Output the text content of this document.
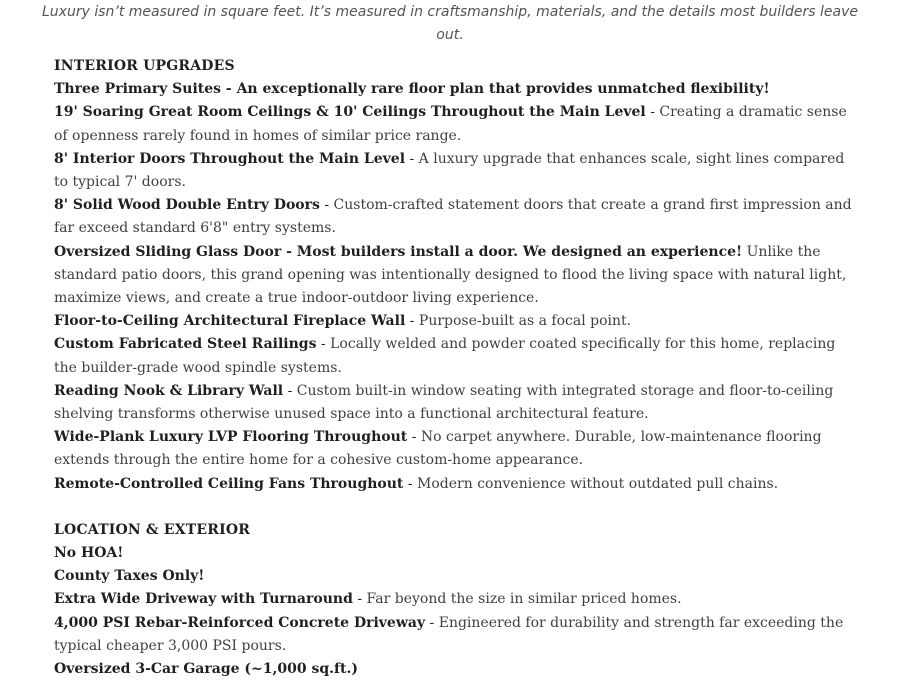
Luxury isn’t measured in square feet. It’s measured in craftsmanship, materials, and the details most builders leave out.

INTERIOR UPGRADES

Three Primary Suites - An exceptionally rare floor plan that provides unmatched flexibility!

19' Soaring Great Room Ceilings & 10' Ceilings Throughout the Main Level - Creating a dramatic sense of openness rarely found in homes of similar price range.

8' Interior Doors Throughout the Main Level - A luxury upgrade that enhances scale, sight lines compared to typical 7' doors.

8' Solid Wood Double Entry Doors - Custom-crafted statement doors that create a grand first impression and far exceed standard 6'8" entry systems.

Oversized Sliding Glass Door - Most builders install a door. We designed an experience! Unlike the standard patio doors, this grand opening was intentionally designed to flood the living space with natural light, maximize views, and create a true indoor-outdoor living experience.

Floor-to-Ceiling Architectural Fireplace Wall - Purpose-built as a focal point.

Custom Fabricated Steel Railings - Locally welded and powder coated specifically for this home, replacing the builder-grade wood spindle systems.

Reading Nook & Library Wall - Custom built-in window seating with integrated storage and floor-to-ceiling shelving transforms otherwise unused space into a functional architectural feature.

Wide-Plank Luxury LVP Flooring Throughout - No carpet anywhere. Durable, low-maintenance flooring extends through the entire home for a cohesive custom-home appearance.

Remote-Controlled Ceiling Fans Throughout - Modern convenience without outdated pull chains.

LOCATION & EXTERIOR

No HOA!

County Taxes Only!

Extra Wide Driveway with Turnaround - Far beyond the size in similar priced homes.

4,000 PSI Rebar-Reinforced Concrete Driveway - Engineered for durability and strength far exceeding the typical cheaper 3,000 PSI pours.

Oversized 3-Car Garage (~1,000 sq.ft.)
